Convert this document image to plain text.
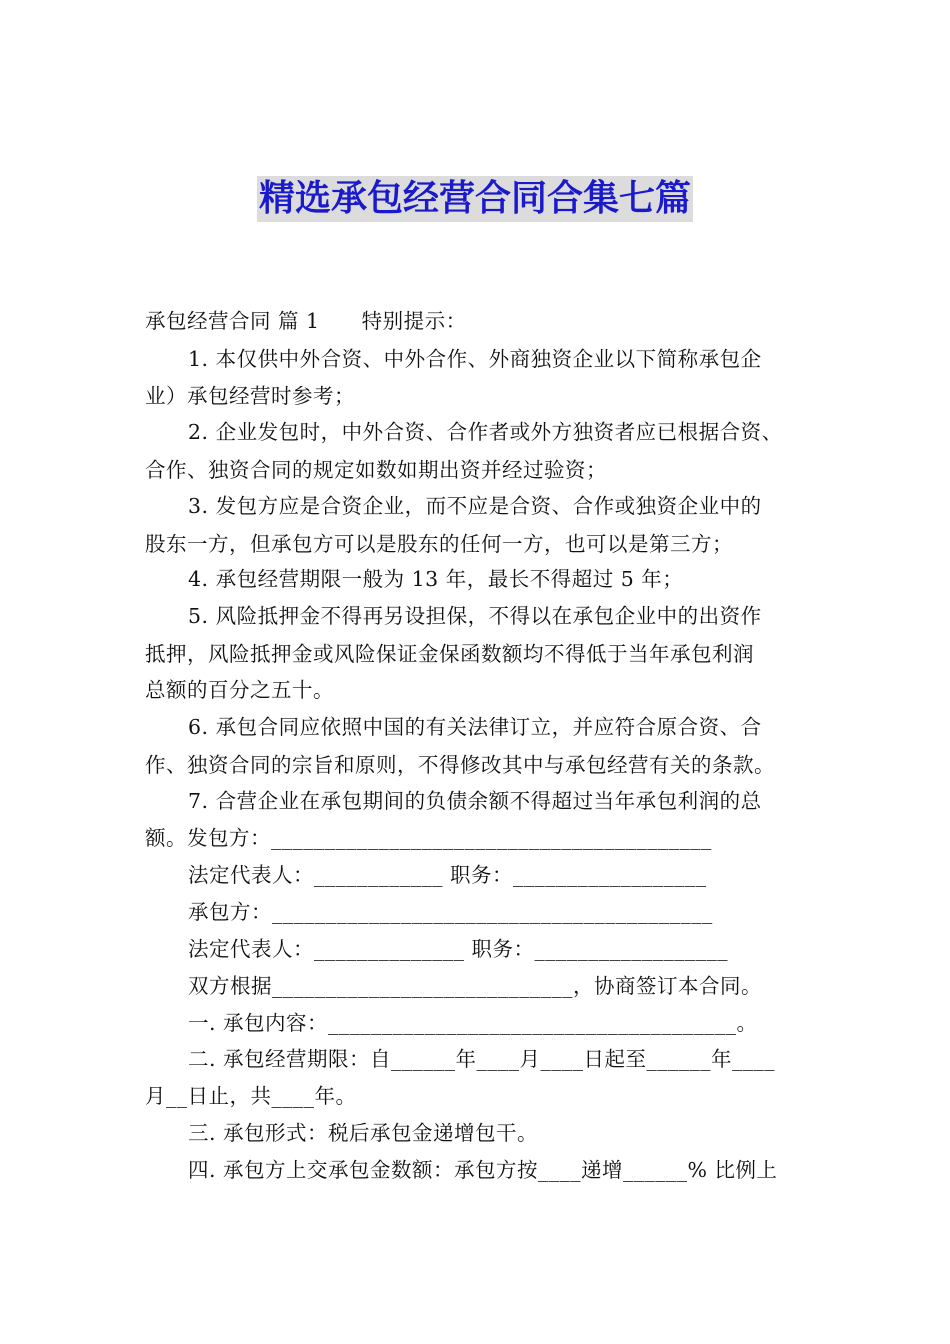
精选承包经营合同合集七篇
承包经营合同 篇 1　　特别提示：
1. 本仅供中外合资、中外合作、外商独资企业以下简称承包企
业）承包经营时参考；
2. 企业发包时，中外合资、合作者或外方独资者应已根据合资、
合作、独资合同的规定如数如期出资并经过验资；
3. 发包方应是合资企业，而不应是合资、合作或独资企业中的
股东一方，但承包方可以是股东的任何一方，也可以是第三方；
4. 承包经营期限一般为 13 年，最长不得超过 5 年；
5. 风险抵押金不得再另设担保，不得以在承包企业中的出资作
抵押，风险抵押金或风险保证金保函数额均不得低于当年承包利润
总额的百分之五十。
6. 承包合同应依照中国的有关法律订立，并应符合原合资、合
作、独资合同的宗旨和原则，不得修改其中与承包经营有关的条款。
7. 合营企业在承包期间的负债余额不得超过当年承包利润的总
额。发包方：_________________________________________
法定代表人：____________ 职务：__________________
承包方：_________________________________________
法定代表人：______________ 职务：__________________
双方根据____________________________，协商签订本合同。
一. 承包内容：______________________________________。
二. 承包经营期限：自______年____月____日起至______年____
月__日止，共____年。
三. 承包形式：税后承包金递增包干。
四. 承包方上交承包金数额：承包方按____递增______% 比例上
